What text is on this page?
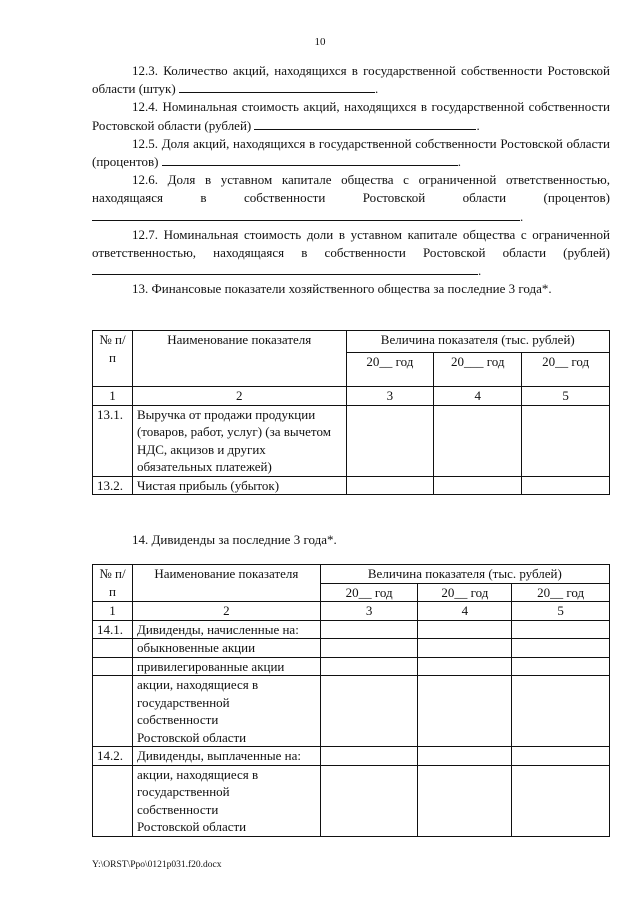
10

12.3. Количество акций, находящихся в государственной собственности Ростовской области (штук)	.

12.4. Номинальная стоимость акций, находящихся в государственной собственности Ростовской области (рублей)	.

12.5. Доля акций, находящихся в государственной собственности Ростовской области (процентов)	.

12.6. Доля в уставном капитале общества с ограниченной ответственностью, находящаяся в собственности Ростовской области (процентов) .

12.7. Номинальная стоимость доли в уставном капитале общества с ограниченной ответственностью, находящаяся в собственности Ростовской области (рублей) .

13. Финансовые показатели хозяйственного общества за последние 3 года*.

№ п/п	Наименование показателя	Величина показателя (тыс. рублей)		
		20__ год	20___ год	20__ год
1	2	3	4	5
13.1.	Выручка от продажи продукции (товаров, работ, услуг) (за вычетом НДС, акцизов и других обязательных платежей)			
13.2.	Чистая прибыль (убыток)			
14. Дивиденды за последние 3 года*.
№ п/п	Наименование показателя	Величина показателя (тыс. рублей)		
		20__ год	20__ год	20__ год
1	2	3	4	5
14.1.	Дивиденды, начисленные на:			
	обыкновенные акции			
	привилегированные акции			
	акции, находящиеся в государственной собственности Ростовской области			
14.2.	Дивиденды, выплаченные на:			
	акции, находящиеся в государственной собственности Ростовской области			
Y:\ORST\Ppo\0121p031.f20.docx
